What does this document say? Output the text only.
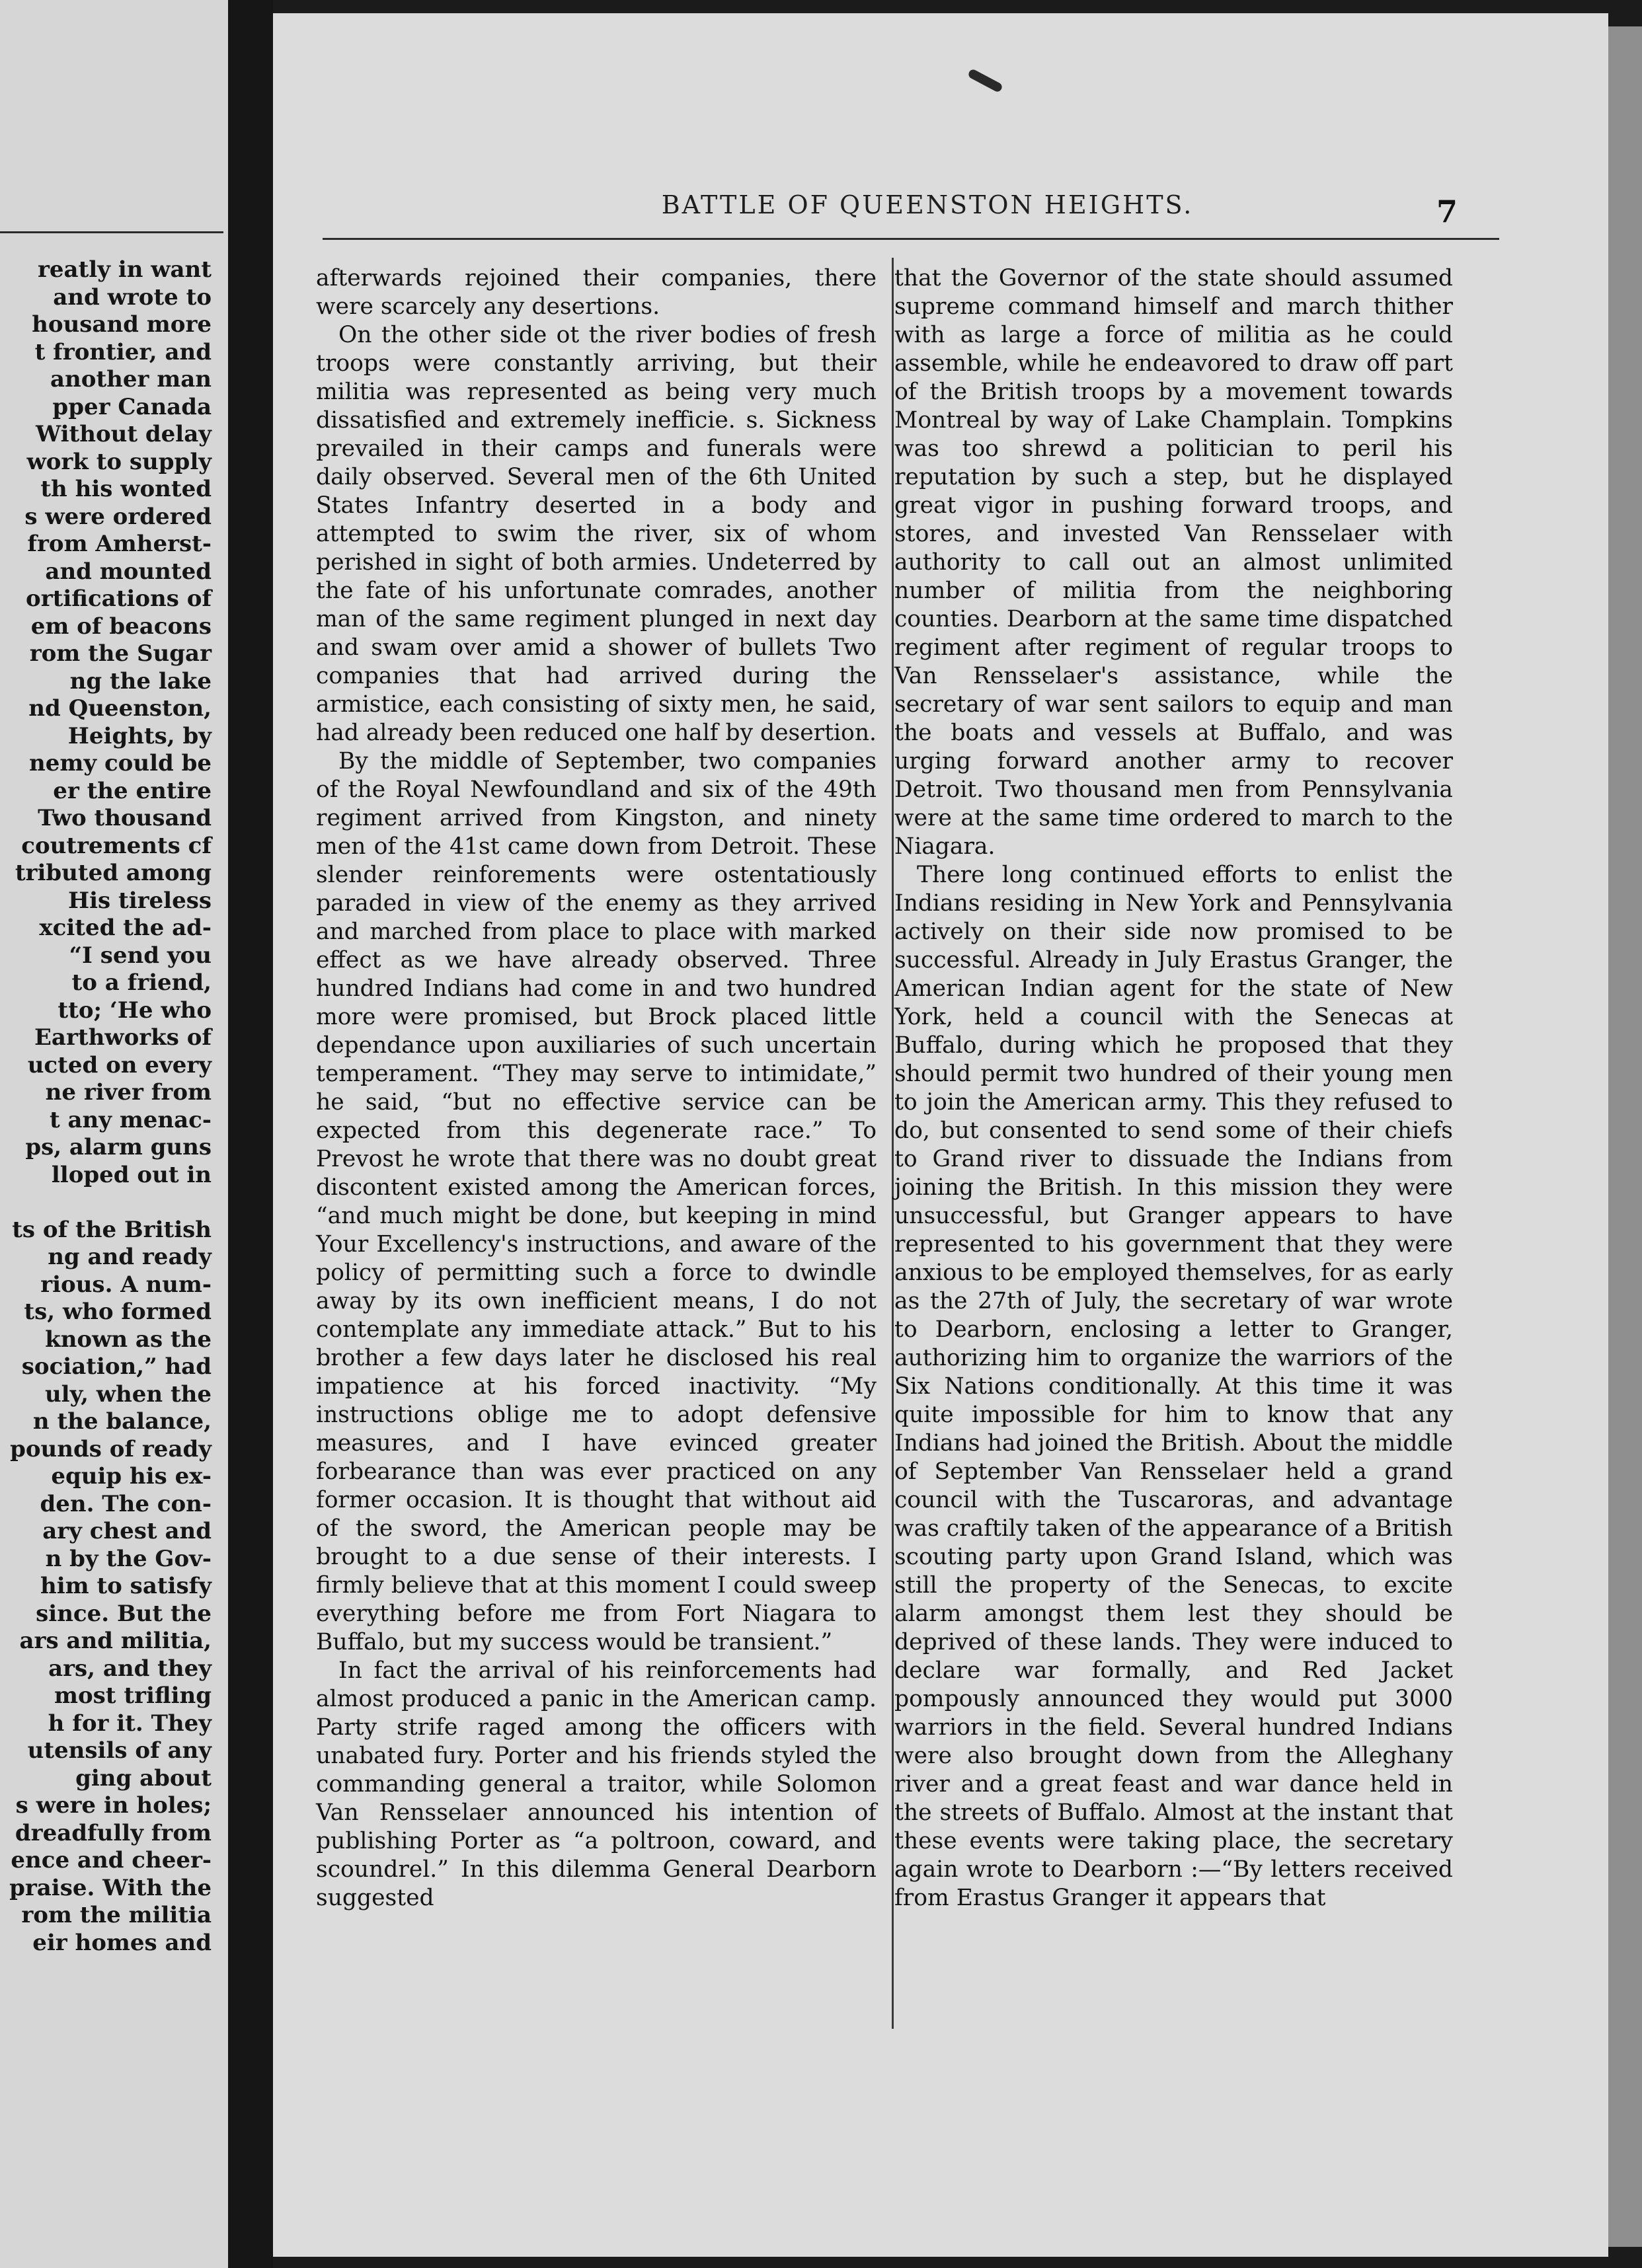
reatly in want
and wrote to
housand more
t frontier, and
another man
pper Canada
Without delay
work to supply
th his wonted
s were ordered
from Amherst-
and mounted
ortifications of
em of beacons
rom the Sugar
ng the lake
nd Queenston,
Heights, by
nemy could be
er the entire
Two thousand
coutrements cf
tributed among
His tireless
xcited the ad-
“I send you
to a friend,
tto; ‘He who
Earthworks of
ucted on every
ne river from
t any menac-
ps, alarm guns
lloped out in
ts of the British
ng and ready
rious. A num-
ts, who formed
known as the
sociation,” had
uly, when the
n the balance,
pounds of ready
equip his ex-
den. The con-
ary chest and
n by the Gov-
him to satisfy
since. But the
ars and militia,
ars, and they
most trifling
h for it. They
utensils of any
ging about
s were in holes;
dreadfully from
ence and cheer-
praise. With the
rom the militia
eir homes and
BATTLE OF QUEENSTON HEIGHTS.	7

afterwards rejoined their companies, there were scarcely any desertions.

On the other side ot the river bodies of fresh troops were constantly arriving, but their militia was represented as being very much dissatisfied and extremely inefficie. s. Sickness prevailed in their camps and funerals were daily observed. Several men of the 6th United States Infantry deserted in a body and attempted to swim the river, six of whom perished in sight of both armies. Undeterred by the fate of his unfortunate comrades, another man of the same regiment plunged in next day and swam over amid a shower of bullets Two companies that had arrived during the armistice, each consisting of sixty men, he said, had already been reduced one half by desertion.

By the middle of September, two companies of the Royal Newfoundland and six of the 49th regiment arrived from Kingston, and ninety men of the 41st came down from Detroit. These slender reinforements were ostentatiously paraded in view of the enemy as they arrived and marched from place to place with marked effect as we have already observed. Three hundred Indians had come in and two hundred more were promised, but Brock placed little dependance upon auxiliaries of such uncertain temperament. “They may serve to intimidate,” he said, “but no effective service can be expected from this degenerate race.” To Prevost he wrote that there was no doubt great discontent existed among the American forces, “and much might be done, but keeping in mind Your Excellency's instructions, and aware of the policy of permitting such a force to dwindle away by its own inefficient means, I do not contemplate any immediate attack.” But to his brother a few days later he disclosed his real impatience at his forced inactivity. “My instructions oblige me to adopt defensive measures, and I have evinced greater forbearance than was ever practiced on any former occasion. It is thought that without aid of the sword, the American people may be brought to a due sense of their interests. I firmly believe that at this moment I could sweep everything before me from Fort Niagara to Buffalo, but my success would be transient.”

In fact the arrival of his reinforcements had almost produced a panic in the American camp. Party strife raged among the officers with unabated fury. Porter and his friends styled the commanding general a traitor, while Solomon Van Rensselaer announced his intention of publishing Porter as “a poltroon, coward, and scoundrel.” In this dilemma General Dearborn suggested

that the Governor of the state should assumed supreme command himself and march thither with as large a force of militia as he could assemble, while he endeavored to draw off part of the British troops by a movement towards Montreal by way of Lake Champlain. Tompkins was too shrewd a politician to peril his reputation by such a step, but he displayed great vigor in pushing forward troops, and stores, and invested Van Rensselaer with authority to call out an almost unlimited number of militia from the neighboring counties. Dearborn at the same time dispatched regiment after regiment of regular troops to Van Rensselaer's assistance, while the secretary of war sent sailors to equip and man the boats and vessels at Buffalo, and was urging forward another army to recover Detroit. Two thousand men from Pennsylvania were at the same time ordered to march to the Niagara.

There long continued efforts to enlist the Indians residing in New York and Pennsylvania actively on their side now promised to be successful. Already in July Erastus Granger, the American Indian agent for the state of New York, held a council with the Senecas at Buffalo, during which he proposed that they should permit two hundred of their young men to join the American army. This they refused to do, but consented to send some of their chiefs to Grand river to dissuade the Indians from joining the British. In this mission they were unsuccessful, but Granger appears to have represented to his government that they were anxious to be employed themselves, for as early as the 27th of July, the secretary of war wrote to Dearborn, enclosing a letter to Granger, authorizing him to organize the warriors of the Six Nations conditionally. At this time it was quite impossible for him to know that any Indians had joined the British. About the middle of September Van Rensselaer held a grand council with the Tuscaroras, and advantage was craftily taken of the appearance of a British scouting party upon Grand Island, which was still the property of the Senecas, to excite alarm amongst them lest they should be deprived of these lands. They were induced to declare war formally, and Red Jacket pompously announced they would put 3000 warriors in the field. Several hundred Indians were also brought down from the Alleghany river and a great feast and war dance held in the streets of Buffalo. Almost at the instant that these events were taking place, the secretary again wrote to Dearborn :—“By letters received from Erastus Granger it appears that
